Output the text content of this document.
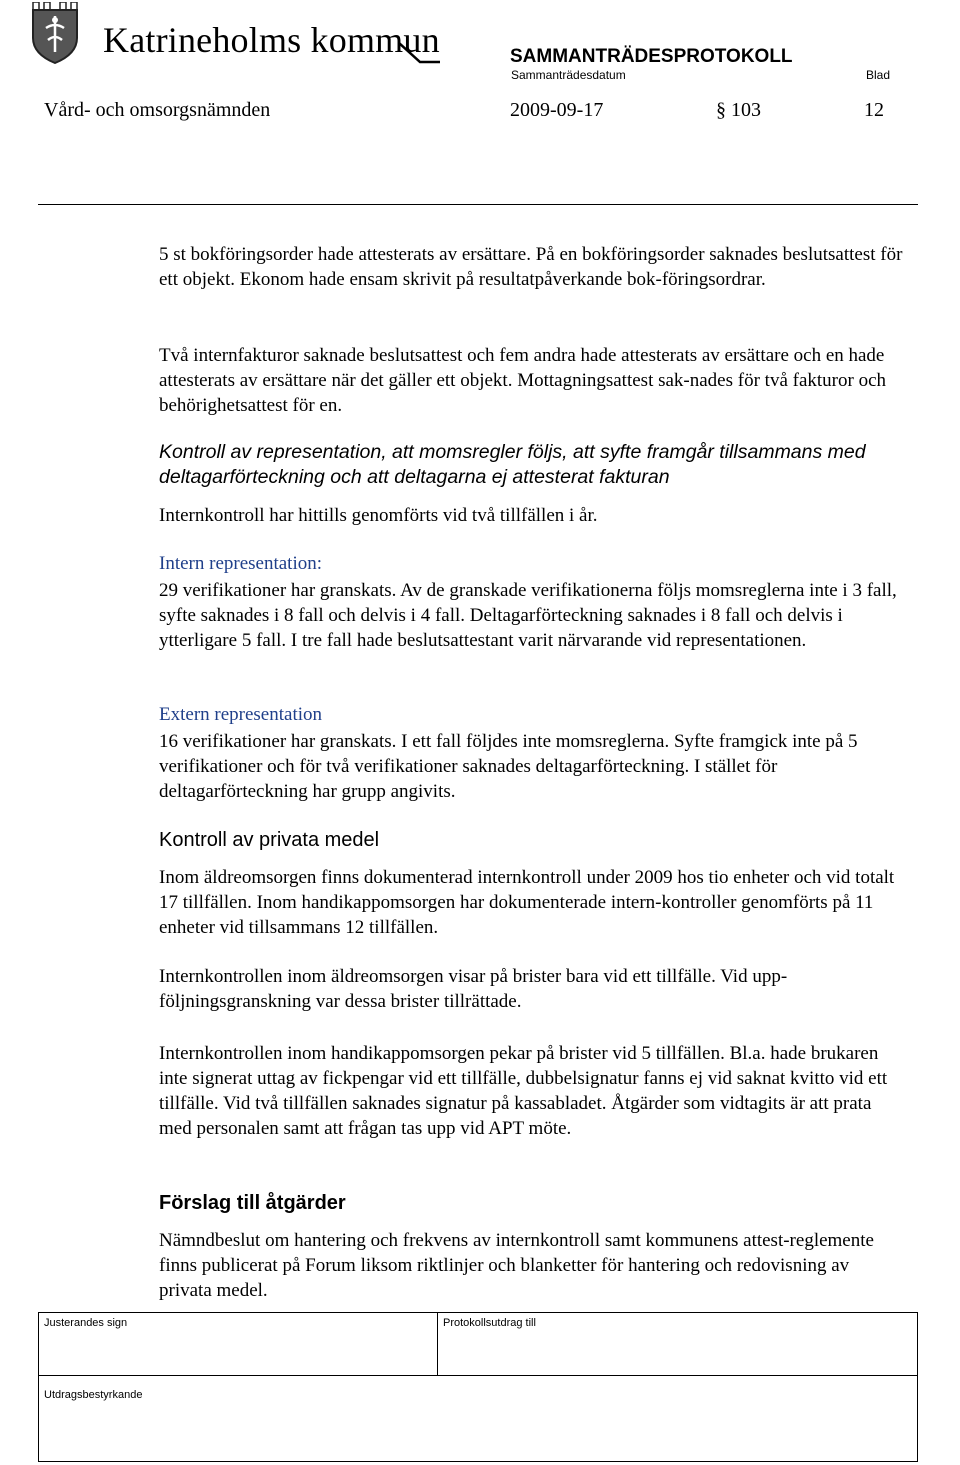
Katrineholms kommun	SAMMANTRÄDESPROTOKOLL
Sammanträdesdatum	Blad
Vård- och omsorgsnämnden	2009-09-17	§ 103	12

5 st bokföringsorder hade attesterats av ersättare. På en bokföringsorder saknades beslutsattest för ett objekt. Ekonom hade ensam skrivit på resultatpåverkande bok-föringsordrar.

Två internfakturor saknade beslutsattest och fem andra hade attesterats av ersättare och en hade attesterats av ersättare när det gäller ett objekt. Mottagningsattest sak-nades för två fakturor och behörighetsattest för en.

Kontroll av representation, att momsregler följs, att syfte framgår tillsammans med deltagarförteckning och att deltagarna ej attesterat fakturan

Internkontroll har hittills genomförts vid två tillfällen i år.

Intern representation:

29 verifikationer har granskats. Av de granskade verifikationerna följs momsreglerna inte i 3 fall, syfte saknades i 8 fall och delvis i 4 fall. Deltagarförteckning saknades i 8 fall och delvis i ytterligare 5 fall. I tre fall hade beslutsattestant varit närvarande vid representationen.

Extern representation

16 verifikationer har granskats. I ett fall följdes inte momsreglerna. Syfte framgick inte på 5 verifikationer och för två verifikationer saknades deltagarförteckning. I stället för deltagarförteckning har grupp angivits.

Kontroll av privata medel

Inom äldreomsorgen finns dokumenterad internkontroll under 2009 hos tio enheter och vid totalt 17 tillfällen. Inom handikappomsorgen har dokumenterade intern-kontroller genomförts på 11 enheter vid tillsammans 12 tillfällen.

Internkontrollen inom äldreomsorgen visar på brister bara vid ett tillfälle. Vid upp-följningsgranskning var dessa brister tillrättade.

Internkontrollen inom handikappomsorgen pekar på brister vid 5 tillfällen. Bl.a. hade brukaren inte signerat uttag av fickpengar vid ett tillfälle, dubbelsignatur fanns ej vid saknat kvitto vid ett tillfälle. Vid två tillfällen saknades signatur på kassabladet. Åtgärder som vidtagits är att prata med personalen samt att frågan tas upp vid APT möte.

Förslag till åtgärder

Nämndbeslut om hantering och frekvens av internkontroll samt kommunens attest-reglemente finns publicerat på Forum liksom riktlinjer och blanketter för hantering och redovisning av privata medel.

Justerandes sign	Protokollsutdrag till
Utdragsbestyrkande
